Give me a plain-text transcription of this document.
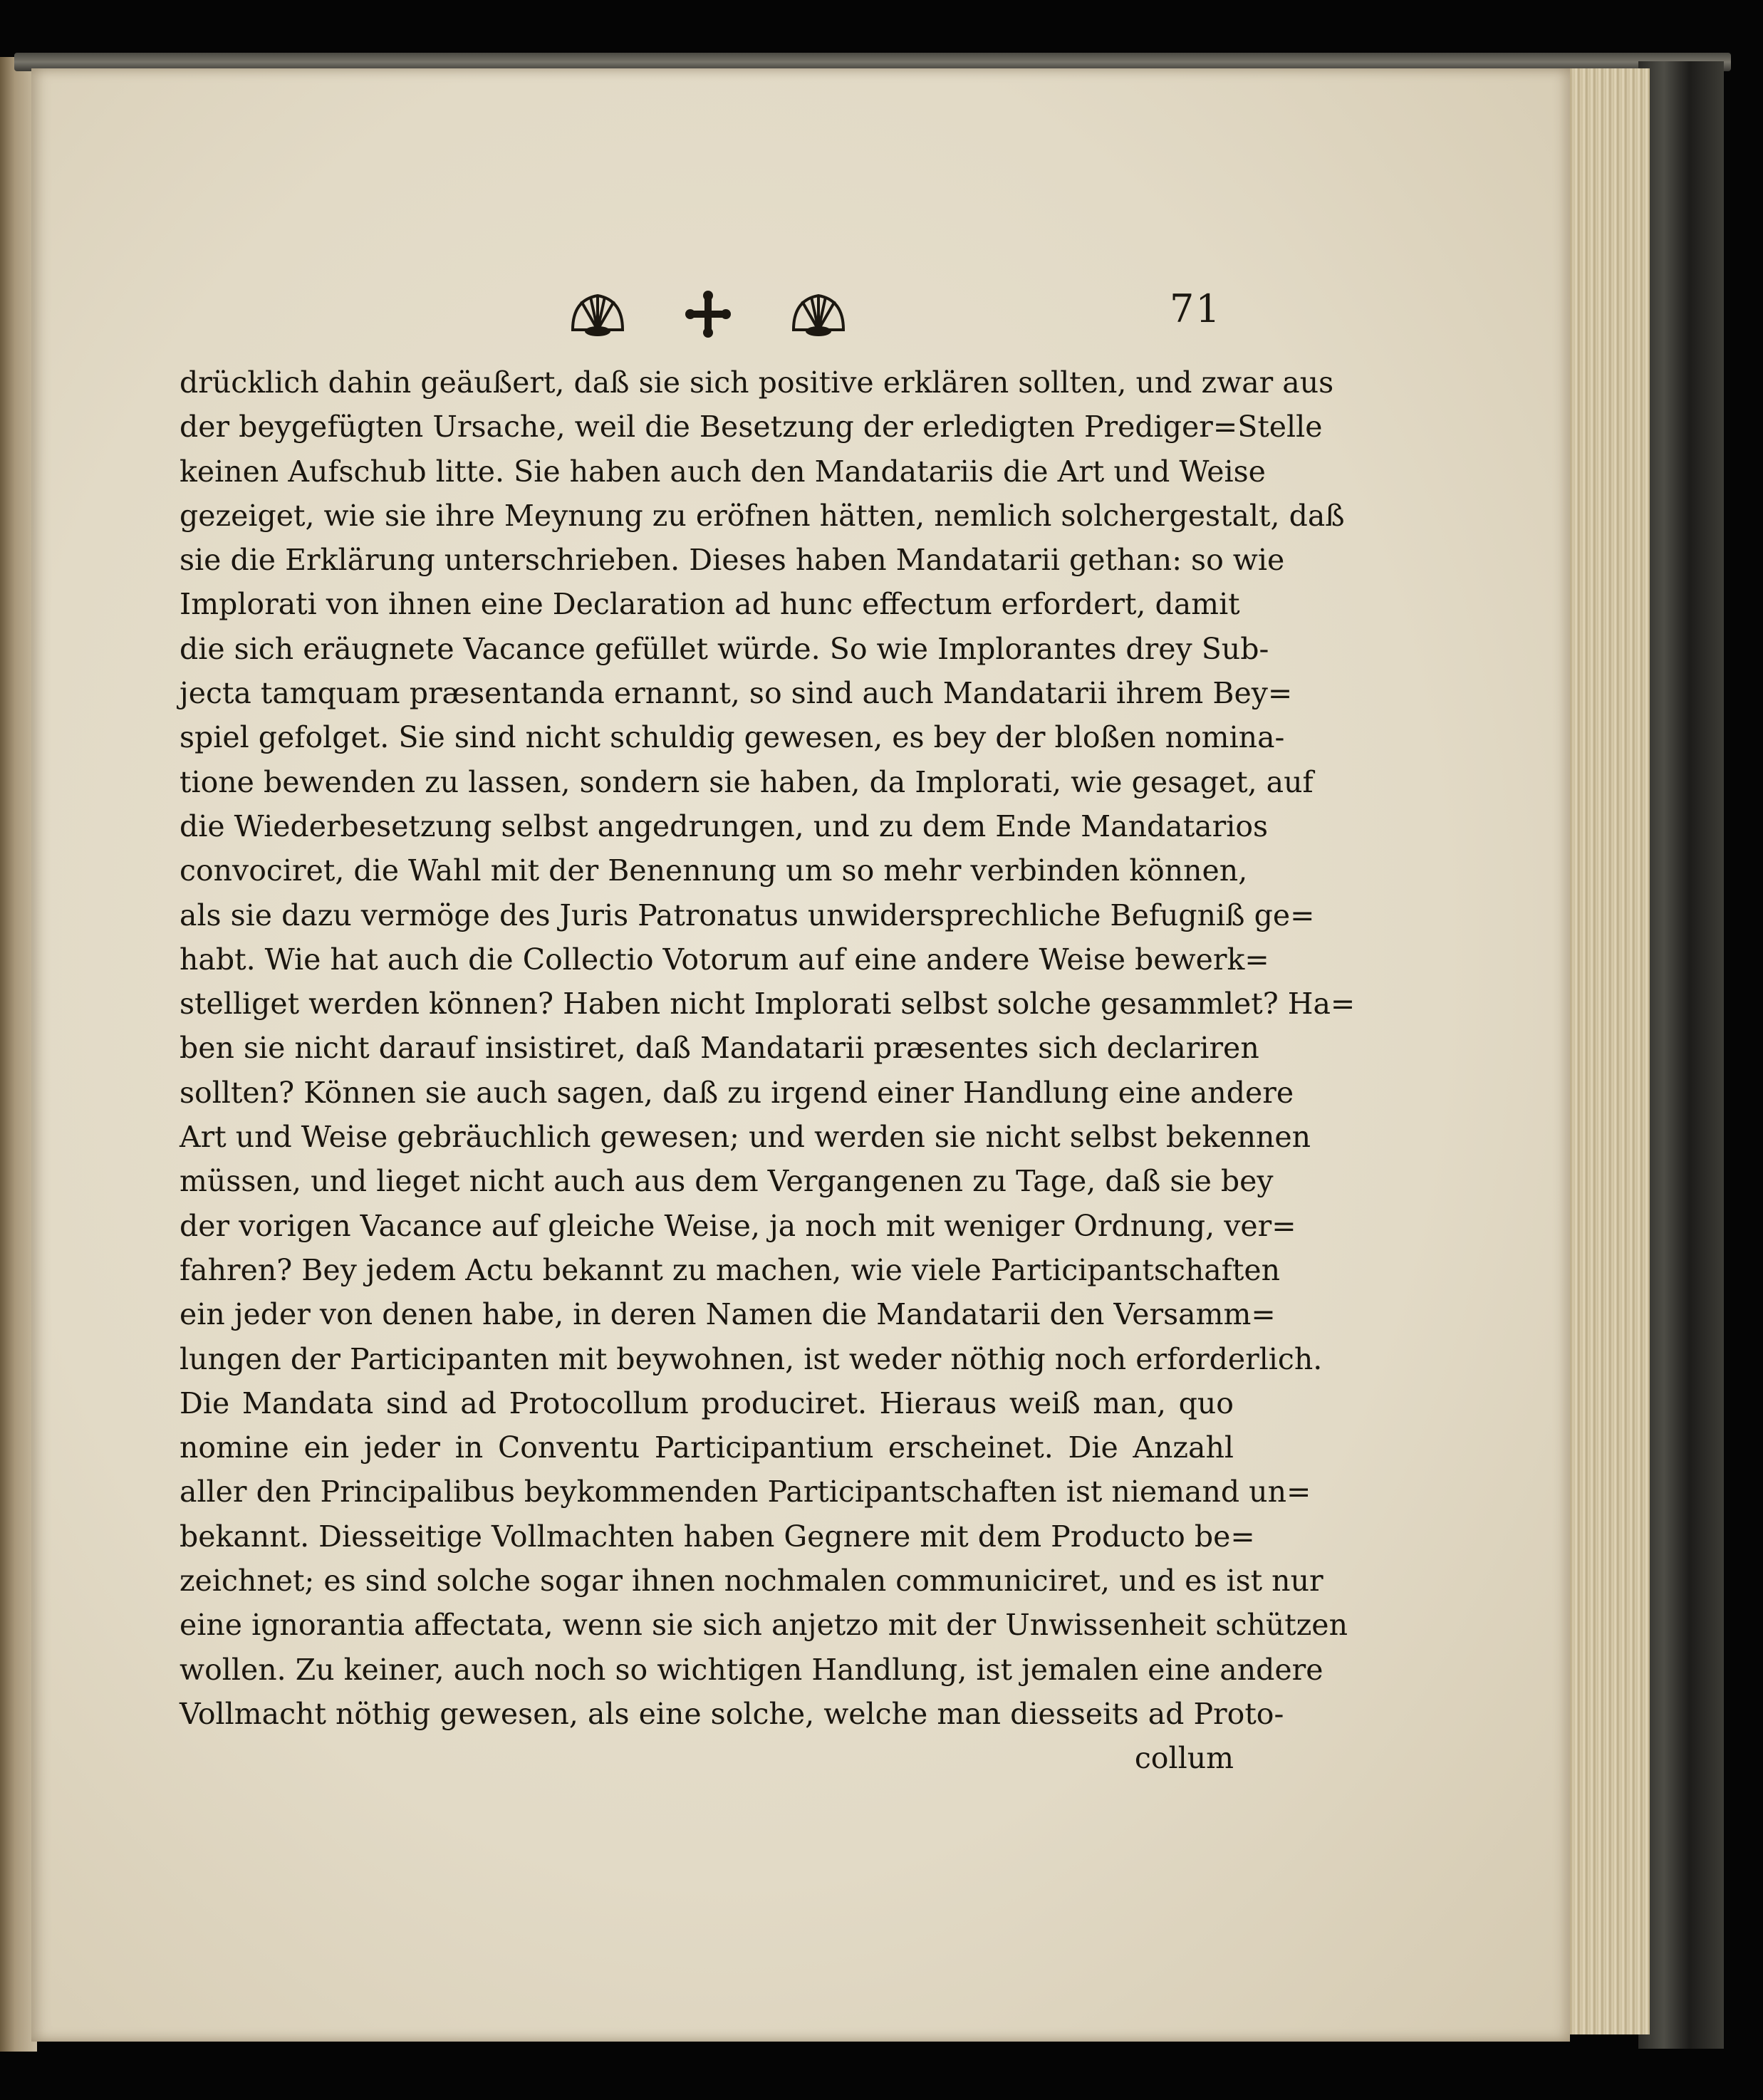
71
drücklich dahin geäußert, daß sie sich positive erklären sollten, und zwar aus
der beygefügten Ursache, weil die Besetzung der erledigten Prediger=Stelle
keinen Aufschub litte. Sie haben auch den Mandatariis die Art und Weise
gezeiget, wie sie ihre Meynung zu eröfnen hätten, nemlich solchergestalt, daß
sie die Erklärung unterschrieben. Dieses haben Mandatarii gethan: so wie
Implorati von ihnen eine Declaration ad hunc effectum erfordert, damit
die sich eräugnete Vacance gefüllet würde. So wie Implorantes drey Sub-
jecta tamquam præsentanda ernannt, so sind auch Mandatarii ihrem Bey=
spiel gefolget. Sie sind nicht schuldig gewesen, es bey der bloßen nomina-
tione bewenden zu lassen, sondern sie haben, da Implorati, wie gesaget, auf
die Wiederbesetzung selbst angedrungen, und zu dem Ende Mandatarios
convociret, die Wahl mit der Benennung um so mehr verbinden können,
als sie dazu vermöge des Juris Patronatus unwidersprechliche Befugniß ge=
habt. Wie hat auch die Collectio Votorum auf eine andere Weise bewerk=
stelliget werden können? Haben nicht Implorati selbst solche gesammlet? Ha=
ben sie nicht darauf insistiret, daß Mandatarii præsentes sich declariren
sollten? Können sie auch sagen, daß zu irgend einer Handlung eine andere
Art und Weise gebräuchlich gewesen; und werden sie nicht selbst bekennen
müssen, und lieget nicht auch aus dem Vergangenen zu Tage, daß sie bey
der vorigen Vacance auf gleiche Weise, ja noch mit weniger Ordnung, ver=
fahren? Bey jedem Actu bekannt zu machen, wie viele Participantschaften
ein jeder von denen habe, in deren Namen die Mandatarii den Versamm=
lungen der Participanten mit beywohnen, ist weder nöthig noch erforderlich.
Die Mandata sind ad Protocollum produciret. Hieraus weiß man, quo
nomine ein jeder in Conventu Participantium erscheinet. Die Anzahl
aller den Principalibus beykommenden Participantschaften ist niemand un=
bekannt. Diesseitige Vollmachten haben Gegnere mit dem Producto be=
zeichnet; es sind solche sogar ihnen nochmalen communiciret, und es ist nur
eine ignorantia affectata, wenn sie sich anjetzo mit der Unwissenheit schützen
wollen. Zu keiner, auch noch so wichtigen Handlung, ist jemalen eine andere
Vollmacht nöthig gewesen, als eine solche, welche man diesseits ad Proto-
collum
